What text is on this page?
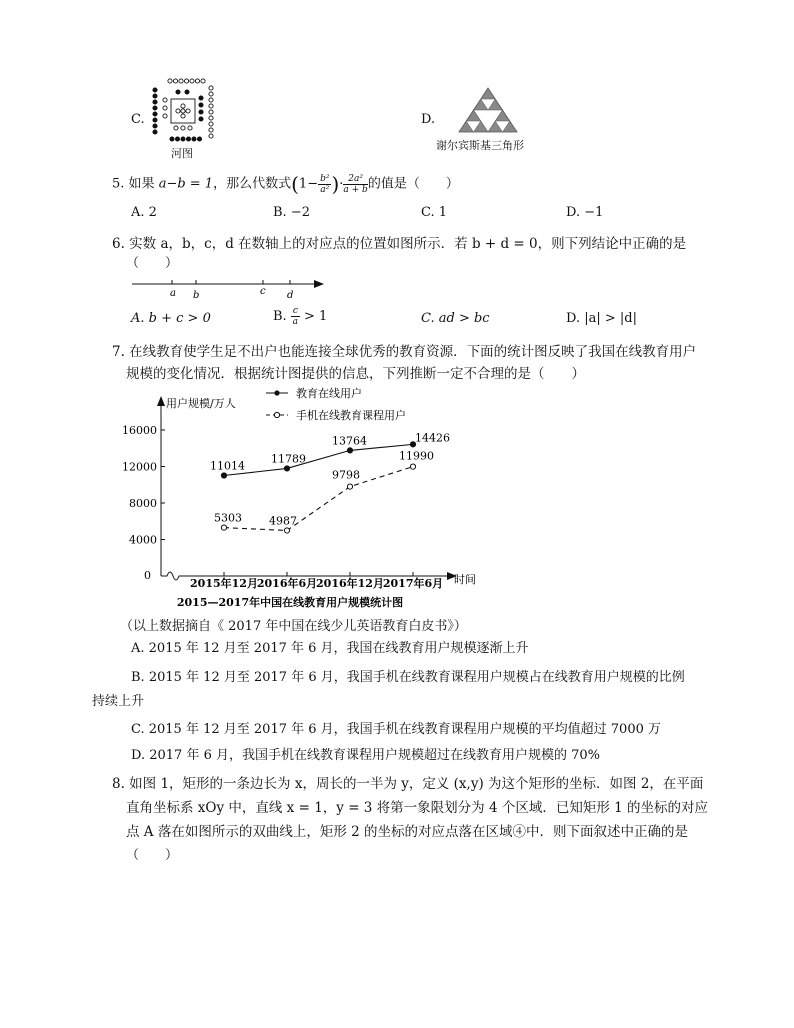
C.
河图
D.
谢尔宾斯基三角形
5. 如果 a−b = 1，那么代数式($1- \frac{\text{b²}}{\text{a²}}$ )· $\frac{\text{2a²}}{a + b}$ 的值是（　　）
A. 2	B. −2	C. 1	D. −1
6. 实数 a，b，c，d 在数轴上的对应点的位置如图所示．若 b + d = 0，则下列结论中正确的是
（　　）
a b	c d
A. b + c > 0	B. $\frac{c}{a} > 1$	C. ad > bc	D. |a| > |d|
7. 在线教育使学生足不出户也能连接全球优秀的教育资源．下面的统计图反映了我国在线教育用户
规模的变化情况．根据统计图提供的信息，下列推断一定不合理的是（　　）
教育在线用户
手机在线教育课程用户
用户规模/万人
时间
0
4000
8000
12000
16000
2015年12月
2016年6月
2016年12月
2017年6月
11014
11789
13764	14426
5303 4987
9798
11990
2015—2017年中国在线教育用户规模统计图
（以上数据摘自《 2017 年中国在线少儿英语教育白皮书》）
A. 2015 年 12 月至 2017 年 6 月，我国在线教育用户规模逐渐上升
B. 2015 年 12 月至 2017 年 6 月，我国手机在线教育课程用户规模占在线教育用户规模的比例
持续上升
C. 2015 年 12 月至 2017 年 6 月，我国手机在线教育课程用户规模的平均值超过 7000 万
D. 2017 年 6 月，我国手机在线教育课程用户规模超过在线教育用户规模的 70%
8. 如图 1，矩形的一条边长为 x，周长的一半为 y，定义 (x,y) 为这个矩形的坐标．如图 2，在平面
直角坐标系 xOy 中，直线 x = 1，y = 3 将第一象限划分为 4 个区域．已知矩形 1 的坐标的对应
点 A 落在如图所示的双曲线上，矩形 2 的坐标的对应点落在区域④中．则下面叙述中正确的是
（　　）
